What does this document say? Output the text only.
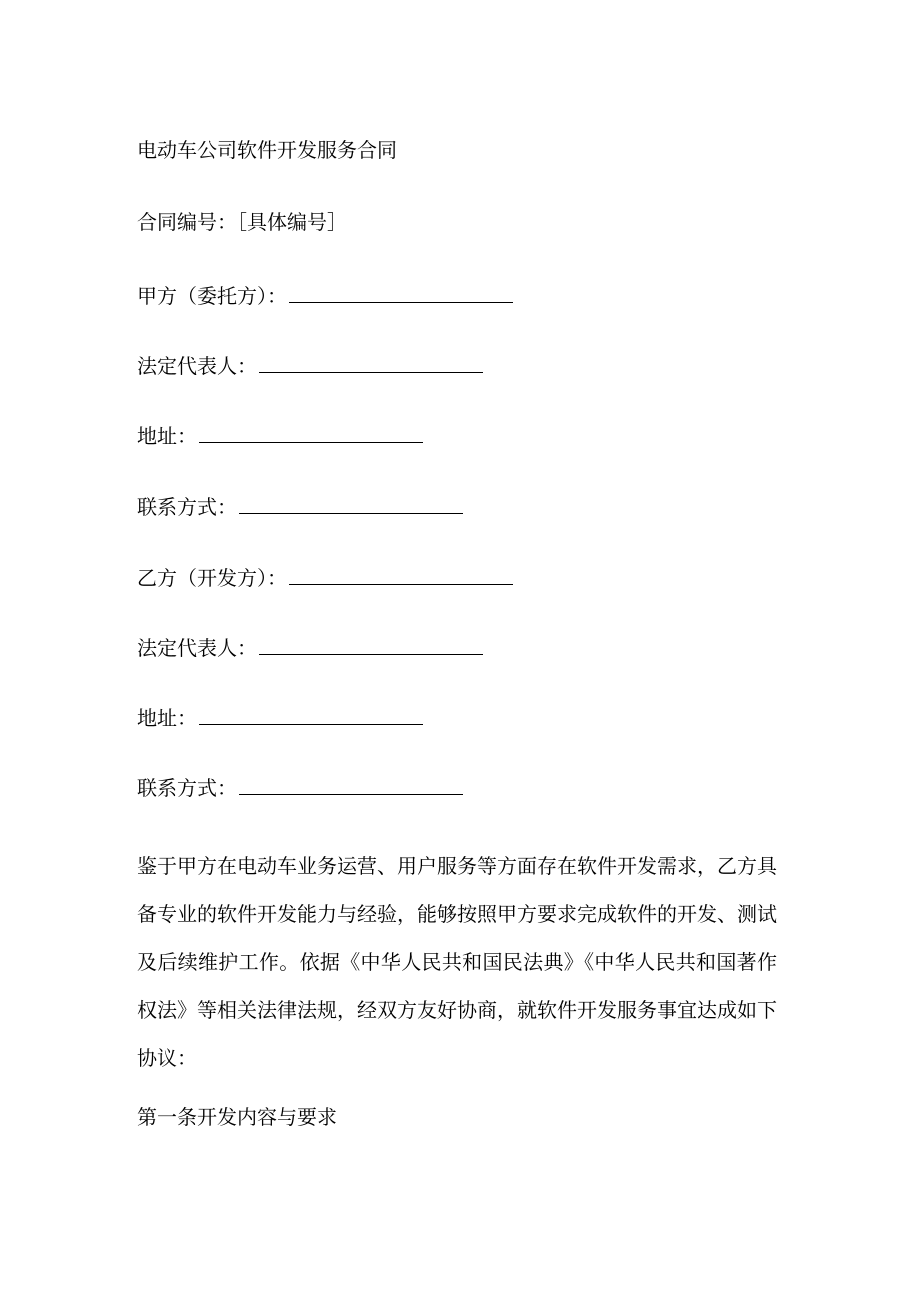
电动车公司软件开发服务合同
合同编号：［具体编号］
甲方（委托方）：
法定代表人：
地址：
联系方式：
乙方（开发方）：
法定代表人：
地址：
联系方式：
鉴于甲方在电动车业务运营、用户服务等方面存在软件开发需求，乙方具
备专业的软件开发能力与经验，能够按照甲方要求完成软件的开发、测试
及后续维护工作。依据《中华人民共和国民法典》《中华人民共和国著作
权法》等相关法律法规，经双方友好协商，就软件开发服务事宜达成如下
协议：
第一条开发内容与要求
